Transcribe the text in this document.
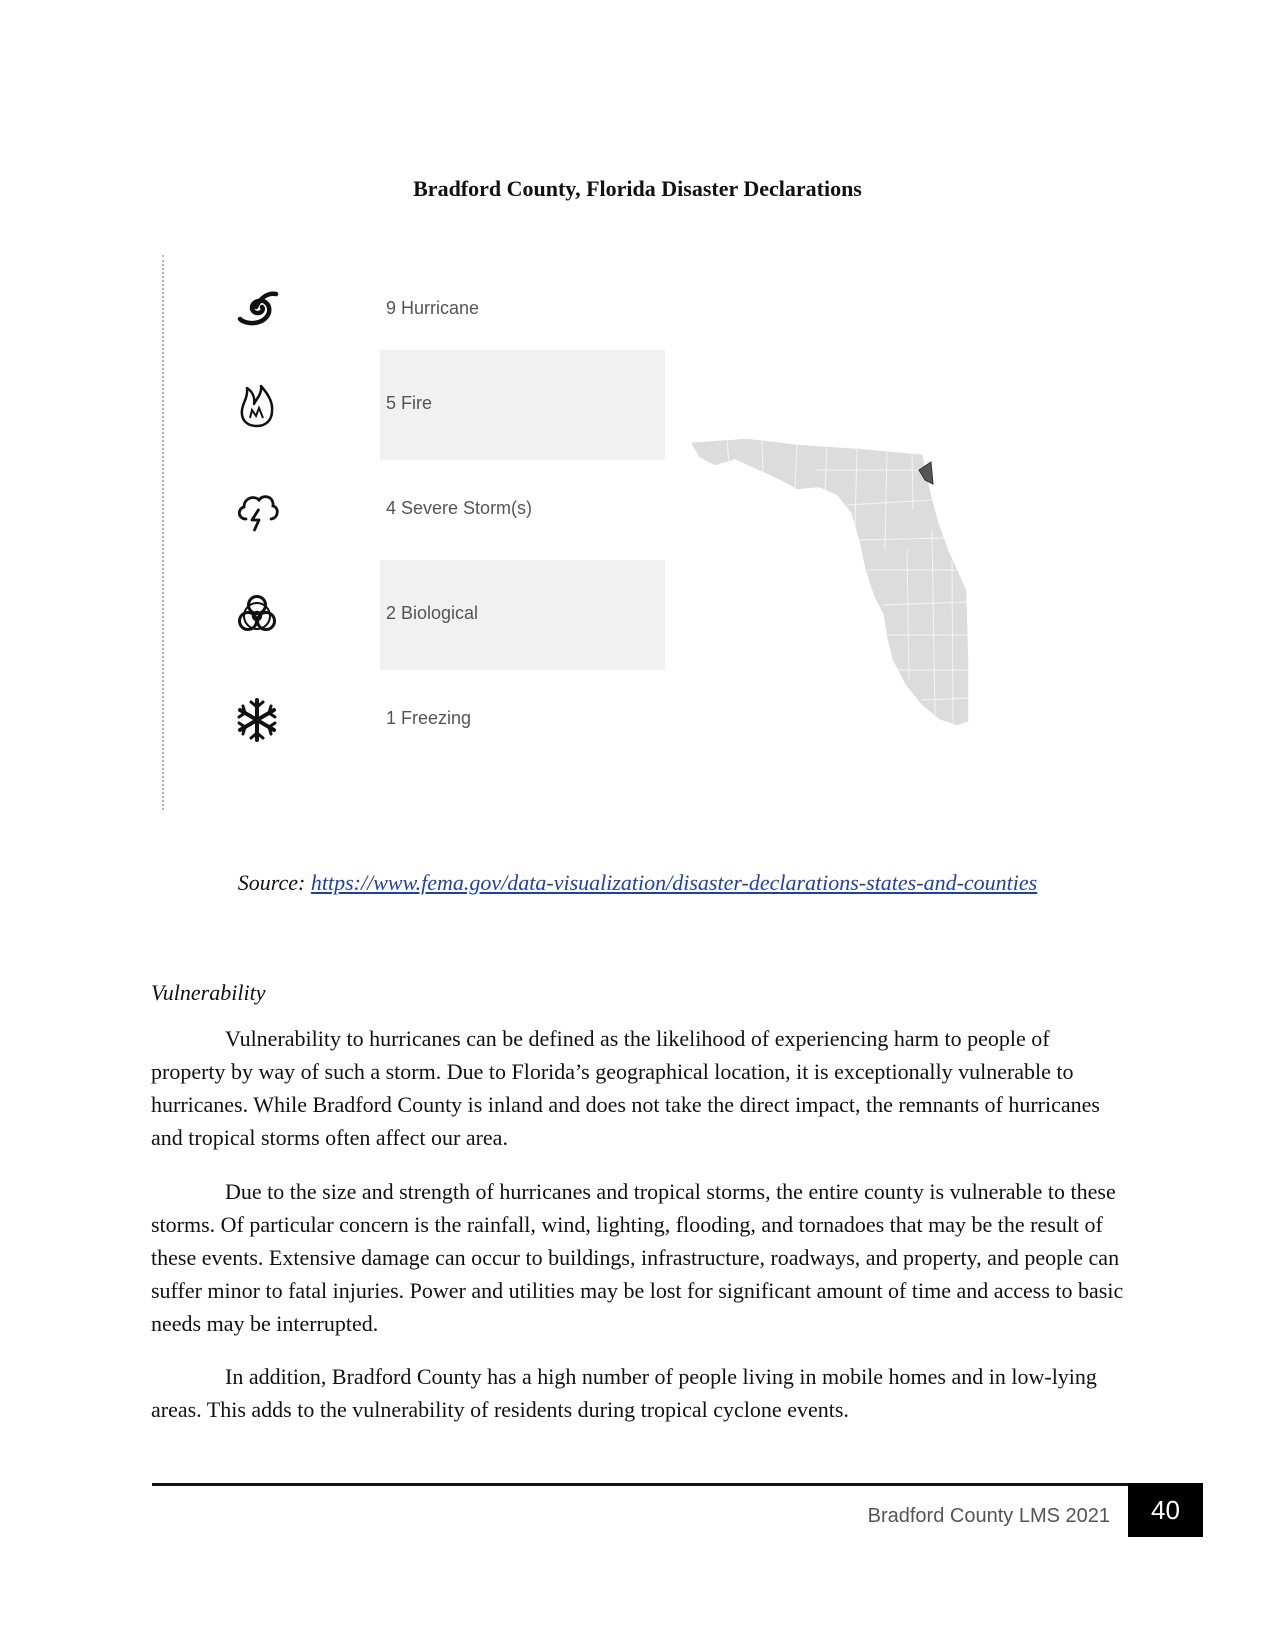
Bradford County, Florida Disaster Declarations
9 Hurricane
5 Fire
4 Severe Storm(s)
2 Biological
1 Freezing
Source: https://www.fema.gov/data-visualization/disaster-declarations-states-and-counties
Vulnerability

Vulnerability to hurricanes can be defined as the likelihood of experiencing harm to people of property by way of such a storm. Due to Florida’s geographical location, it is exceptionally vulnerable to hurricanes. While Bradford County is inland and does not take the direct impact, the remnants of hurricanes and tropical storms often affect our area.

Due to the size and strength of hurricanes and tropical storms, the entire county is vulnerable to these storms. Of particular concern is the rainfall, wind, lighting, flooding, and tornadoes that may be the result of these events. Extensive damage can occur to buildings, infrastructure, roadways, and property, and people can suffer minor to fatal injuries. Power and utilities may be lost for significant amount of time and access to basic needs may be interrupted.

In addition, Bradford County has a high number of people living in mobile homes and in low-lying areas. This adds to the vulnerability of residents during tropical cyclone events.

Bradford County LMS 2021	40
